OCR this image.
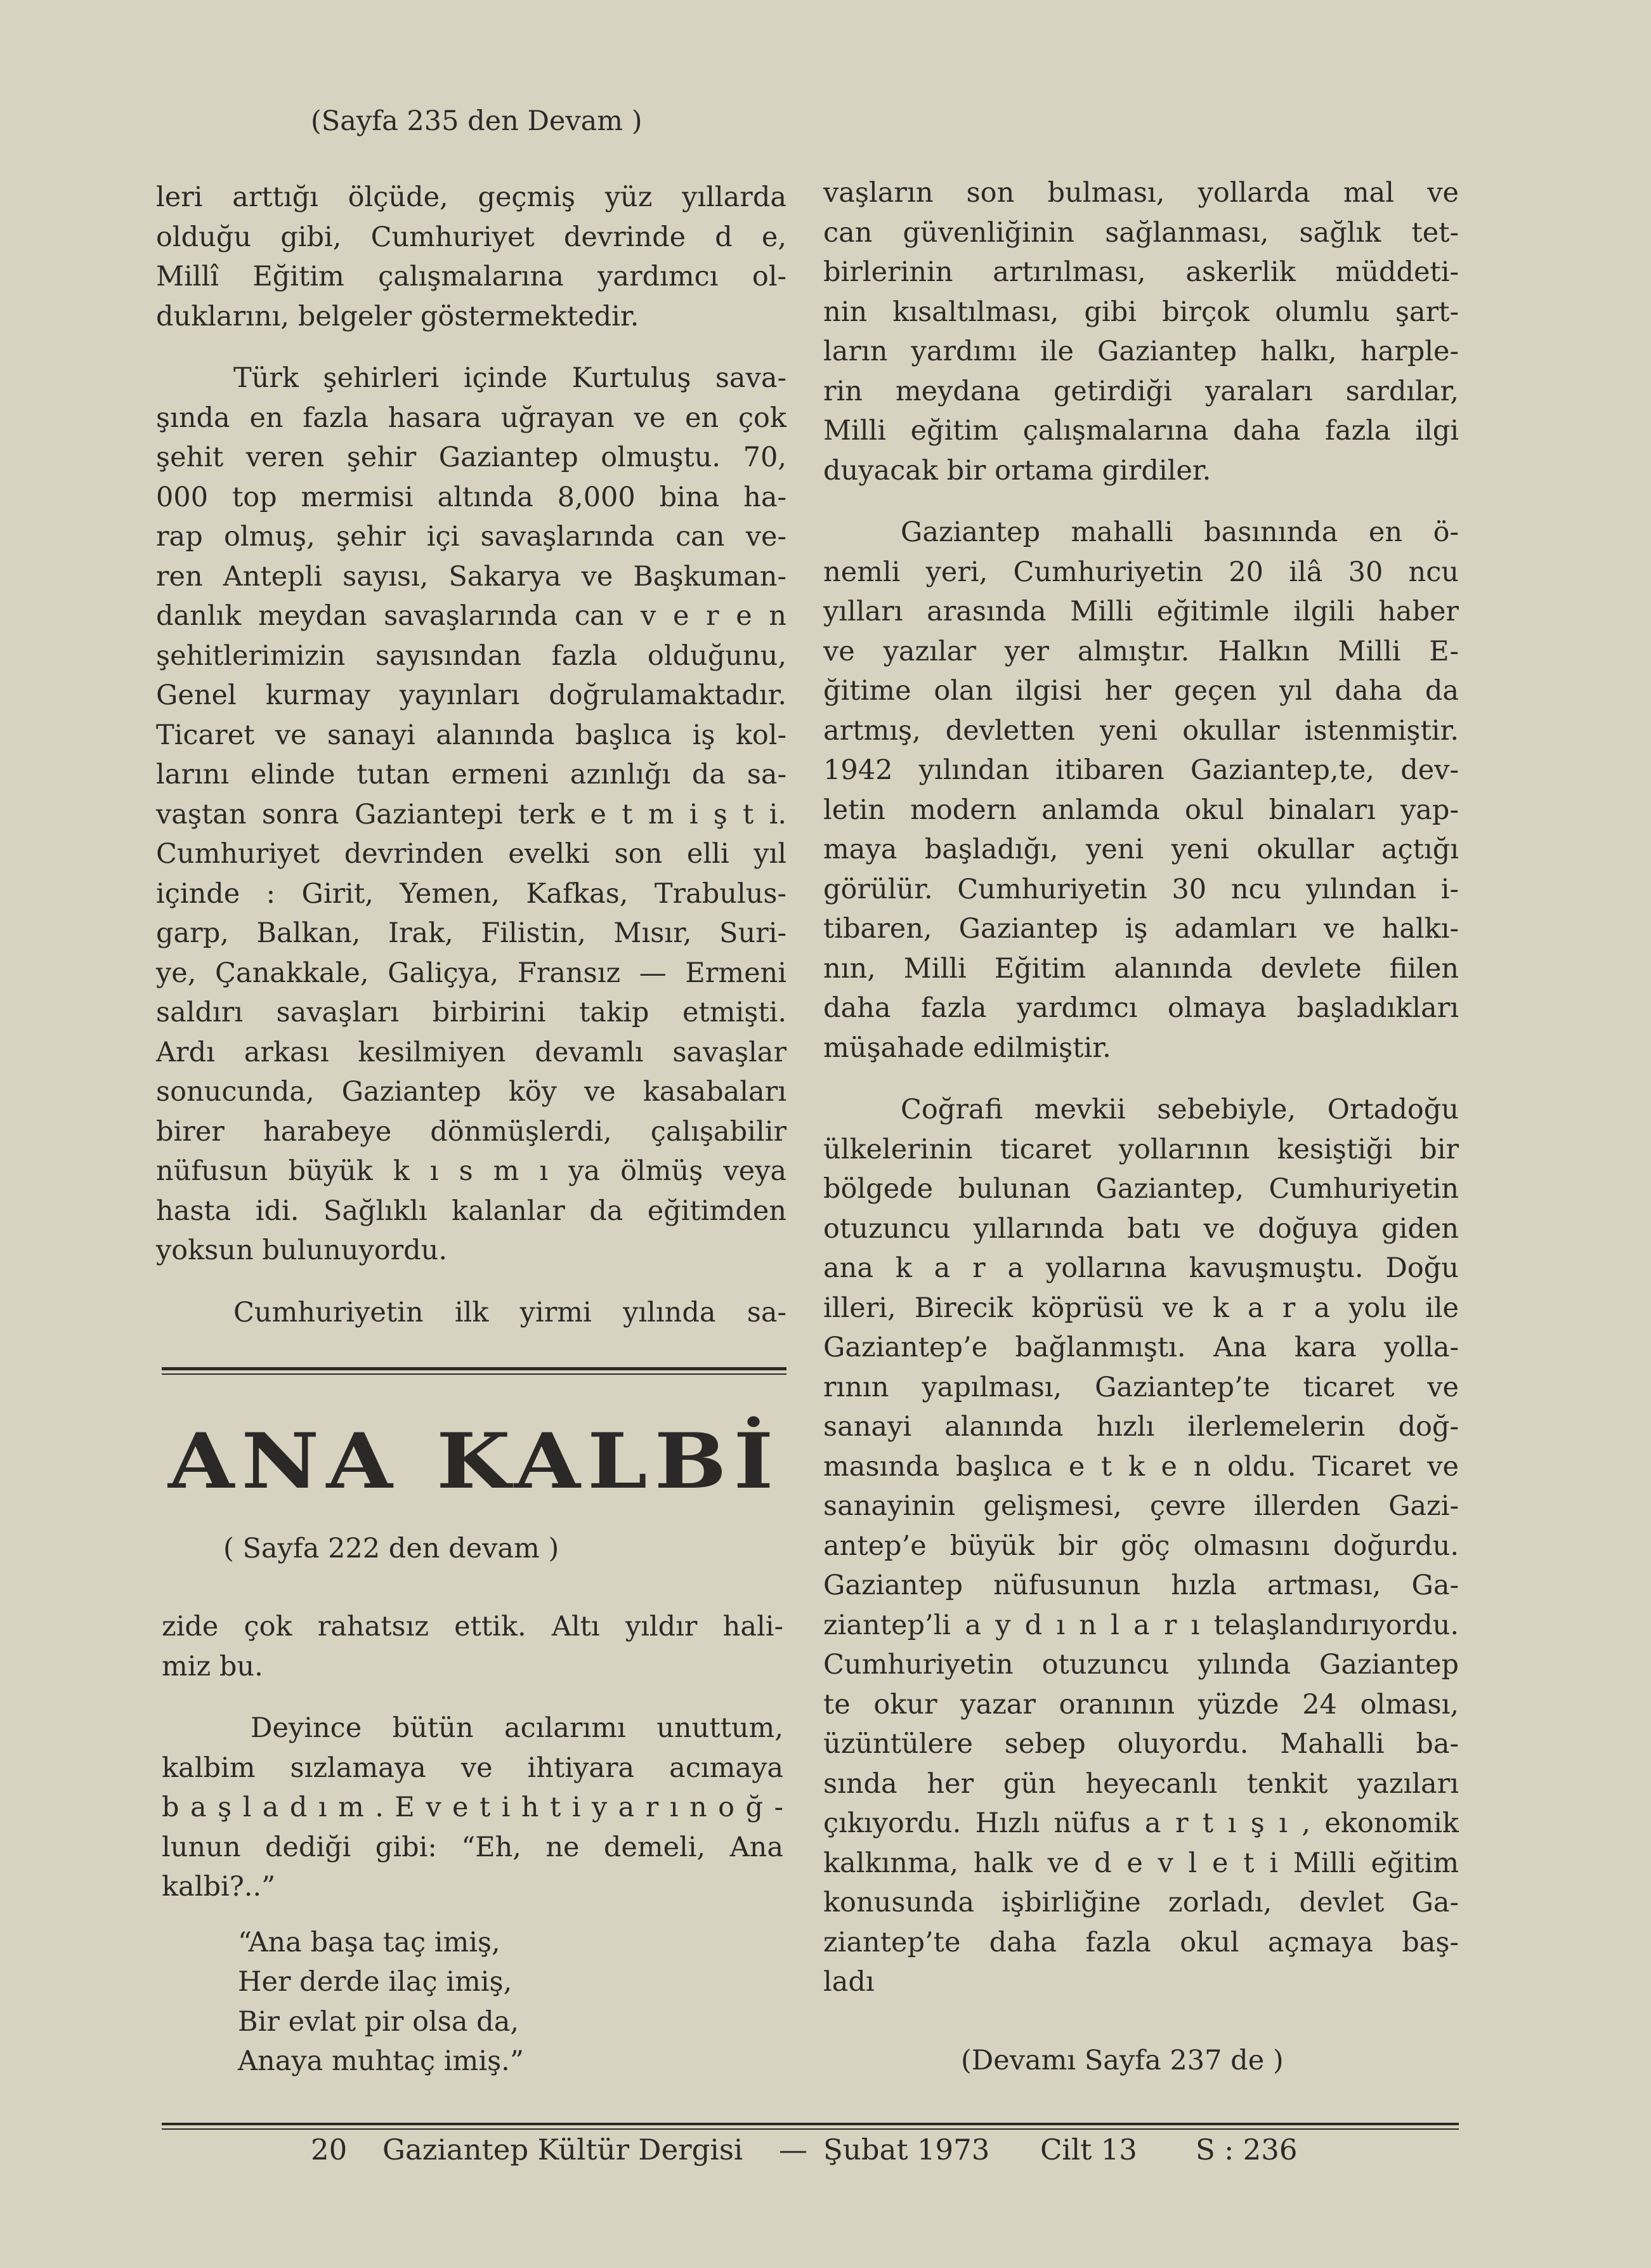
(Sayfa 235 den Devam )
leri arttığı ölçüde, geçmiş yüz yıllarda
olduğu gibi, Cumhuriyet devrinde d e,
Millî Eğitim çalışmalarına yardımcı ol-
duklarını, belgeler göstermektedir.
Türk şehirleri içinde Kurtuluş sava-
şında en fazla hasara uğrayan ve en çok
şehit veren şehir Gaziantep olmuştu. 70,
000 top mermisi altında 8,000 bina ha-
rap olmuş, şehir içi savaşlarında can ve-
ren Antepli sayısı, Sakarya ve Başkuman-
danlık meydan savaşlarında can v e r e n
şehitlerimizin sayısından fazla olduğunu,
Genel kurmay yayınları doğrulamaktadır.
Ticaret ve sanayi alanında başlıca iş kol-
larını elinde tutan ermeni azınlığı da sa-
vaştan sonra Gaziantepi terk e t m i ş t i.
Cumhuriyet devrinden evelki son elli yıl
içinde : Girit, Yemen, Kafkas, Trabulus-
garp, Balkan, Irak, Filistin, Mısır, Suri-
ye, Çanakkale, Galiçya, Fransız — Ermeni
saldırı savaşları birbirini takip etmişti.
Ardı arkası kesilmiyen devamlı savaşlar
sonucunda, Gaziantep köy ve kasabaları
birer harabeye dönmüşlerdi, çalışabilir
nüfusun büyük k ı s m ı ya ölmüş veya
hasta idi. Sağlıklı kalanlar da eğitimden
yoksun bulunuyordu.
Cumhuriyetin ilk yirmi yılında sa-
ANA KALBİ
( Sayfa 222 den devam )
zide çok rahatsız ettik. Altı yıldır hali-
miz bu.
Deyince bütün acılarımı unuttum,
kalbim sızlamaya ve ihtiyara acımaya
b a ş l a d ı m . E v e t i h t i y a r ı n o ğ -
lunun dediği gibi: “Eh, ne demeli, Ana
kalbi?..”
“Ana başa taç imiş,
Her derde ilaç imiş,
Bir evlat pir olsa da,
Anaya muhtaç imiş.”
vaşların son bulması, yollarda mal ve
can güvenliğinin sağlanması, sağlık tet-
birlerinin artırılması, askerlik müddeti-
nin kısaltılması, gibi birçok olumlu şart-
ların yardımı ile Gaziantep halkı, harple-
rin meydana getirdiği yaraları sardılar,
Milli eğitim çalışmalarına daha fazla ilgi
duyacak bir ortama girdiler.
Gaziantep mahalli basınında en ö-
nemli yeri, Cumhuriyetin 20 ilâ 30 ncu
yılları arasında Milli eğitimle ilgili haber
ve yazılar yer almıştır. Halkın Milli E-
ğitime olan ilgisi her geçen yıl daha da
artmış, devletten yeni okullar istenmiştir.
1942 yılından itibaren Gaziantep,te, dev-
letin modern anlamda okul binaları yap-
maya başladığı, yeni yeni okullar açtığı
görülür. Cumhuriyetin 30 ncu yılından i-
tibaren, Gaziantep iş adamları ve halkı-
nın, Milli Eğitim alanında devlete fiilen
daha fazla yardımcı olmaya başladıkları
müşahade edilmiştir.
Coğrafi mevkii sebebiyle, Ortadoğu
ülkelerinin ticaret yollarının kesiştiği bir
bölgede bulunan Gaziantep, Cumhuriyetin
otuzuncu yıllarında batı ve doğuya giden
ana k a r a yollarına kavuşmuştu. Doğu
illeri, Birecik köprüsü ve k a r a yolu ile
Gaziantep’e bağlanmıştı. Ana kara yolla-
rının yapılması, Gaziantep’te ticaret ve
sanayi alanında hızlı ilerlemelerin doğ-
masında başlıca e t k e n oldu. Ticaret ve
sanayinin gelişmesi, çevre illerden Gazi-
antep’e büyük bir göç olmasını doğurdu.
Gaziantep nüfusunun hızla artması, Ga-
ziantep’li a y d ı n l a r ı telaşlandırıyordu.
Cumhuriyetin otuzuncu yılında Gaziantep
te okur yazar oranının yüzde 24 olması,
üzüntülere sebep oluyordu. Mahalli ba-
sında her gün heyecanlı tenkit yazıları
çıkıyordu. Hızlı nüfus a r t ı ş ı , ekonomik
kalkınma, halk ve d e v l e t i Milli eğitim
konusunda işbirliğine zorladı, devlet Ga-
ziantep’te daha fazla okul açmaya baş-
ladı
(Devamı Sayfa 237 de )
20 Gaziantep Kültür Dergisi — Şubat 1973 Cilt 13 S : 236
